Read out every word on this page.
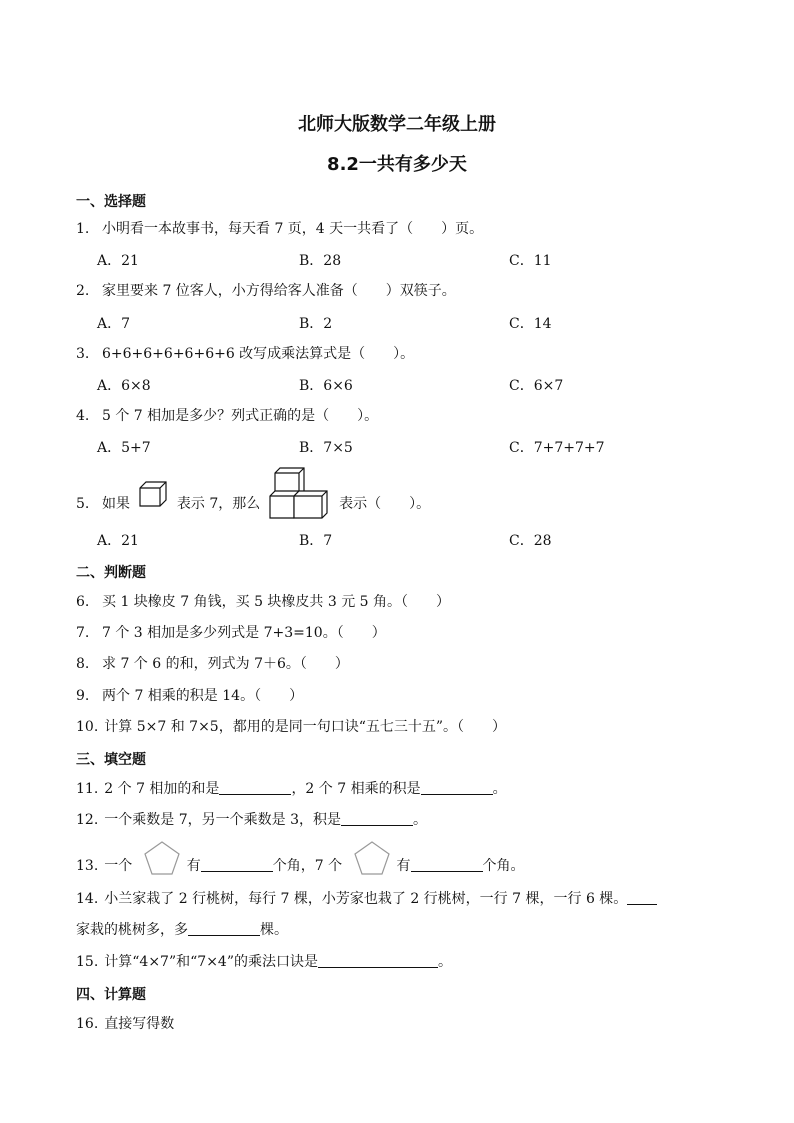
北师大版数学二年级上册
8.2一共有多少天
一、选择题
1. 小明看一本故事书，每天看 7 页，4 天一共看了（　　）页。
A．21	B．28	C．11
2. 家里要来 7 位客人，小方得给客人准备（　　）双筷子。
A．7	B．2	C．14
3. 6+6+6+6+6+6+6 改写成乘法算式是（　　）。
A．6×8	B．6×6	C．6×7
4. 5 个 7 相加是多少？列式正确的是（　　）。
A．5+7	B．7×5	C．7+7+7+7
5. 如果	表示 7，那么	表示（　　）。
A．21	B．7	C．28
二、判断题
6. 买 1 块橡皮 7 角钱，买 5 块橡皮共 3 元 5 角。（　　）
7. 7 个 3 相加是多少列式是 7+3=10。（　　）
8. 求 7 个 6 的和，列式为 7＋6。（　　）
9. 两个 7 相乘的积是 14。（　　）
10. 计算 5×7 和 7×5，都用的是同一句口诀“五七三十五”。（　　）
三、填空题
11. 2 个 7 相加的和是	，2 个 7 相乘的积是	。
12. 一个乘数是 7，另一个乘数是 3，积是	。
13. 一个	有	个角，7 个	有	个角。
14. 小兰家栽了 2 行桃树，每行 7 棵，小芳家也栽了 2 行桃树，一行 7 棵，一行 6 棵。
家栽的桃树多，多	棵。
15. 计算“4×7”和“7×4”的乘法口诀是	。
四、计算题
16. 直接写得数
